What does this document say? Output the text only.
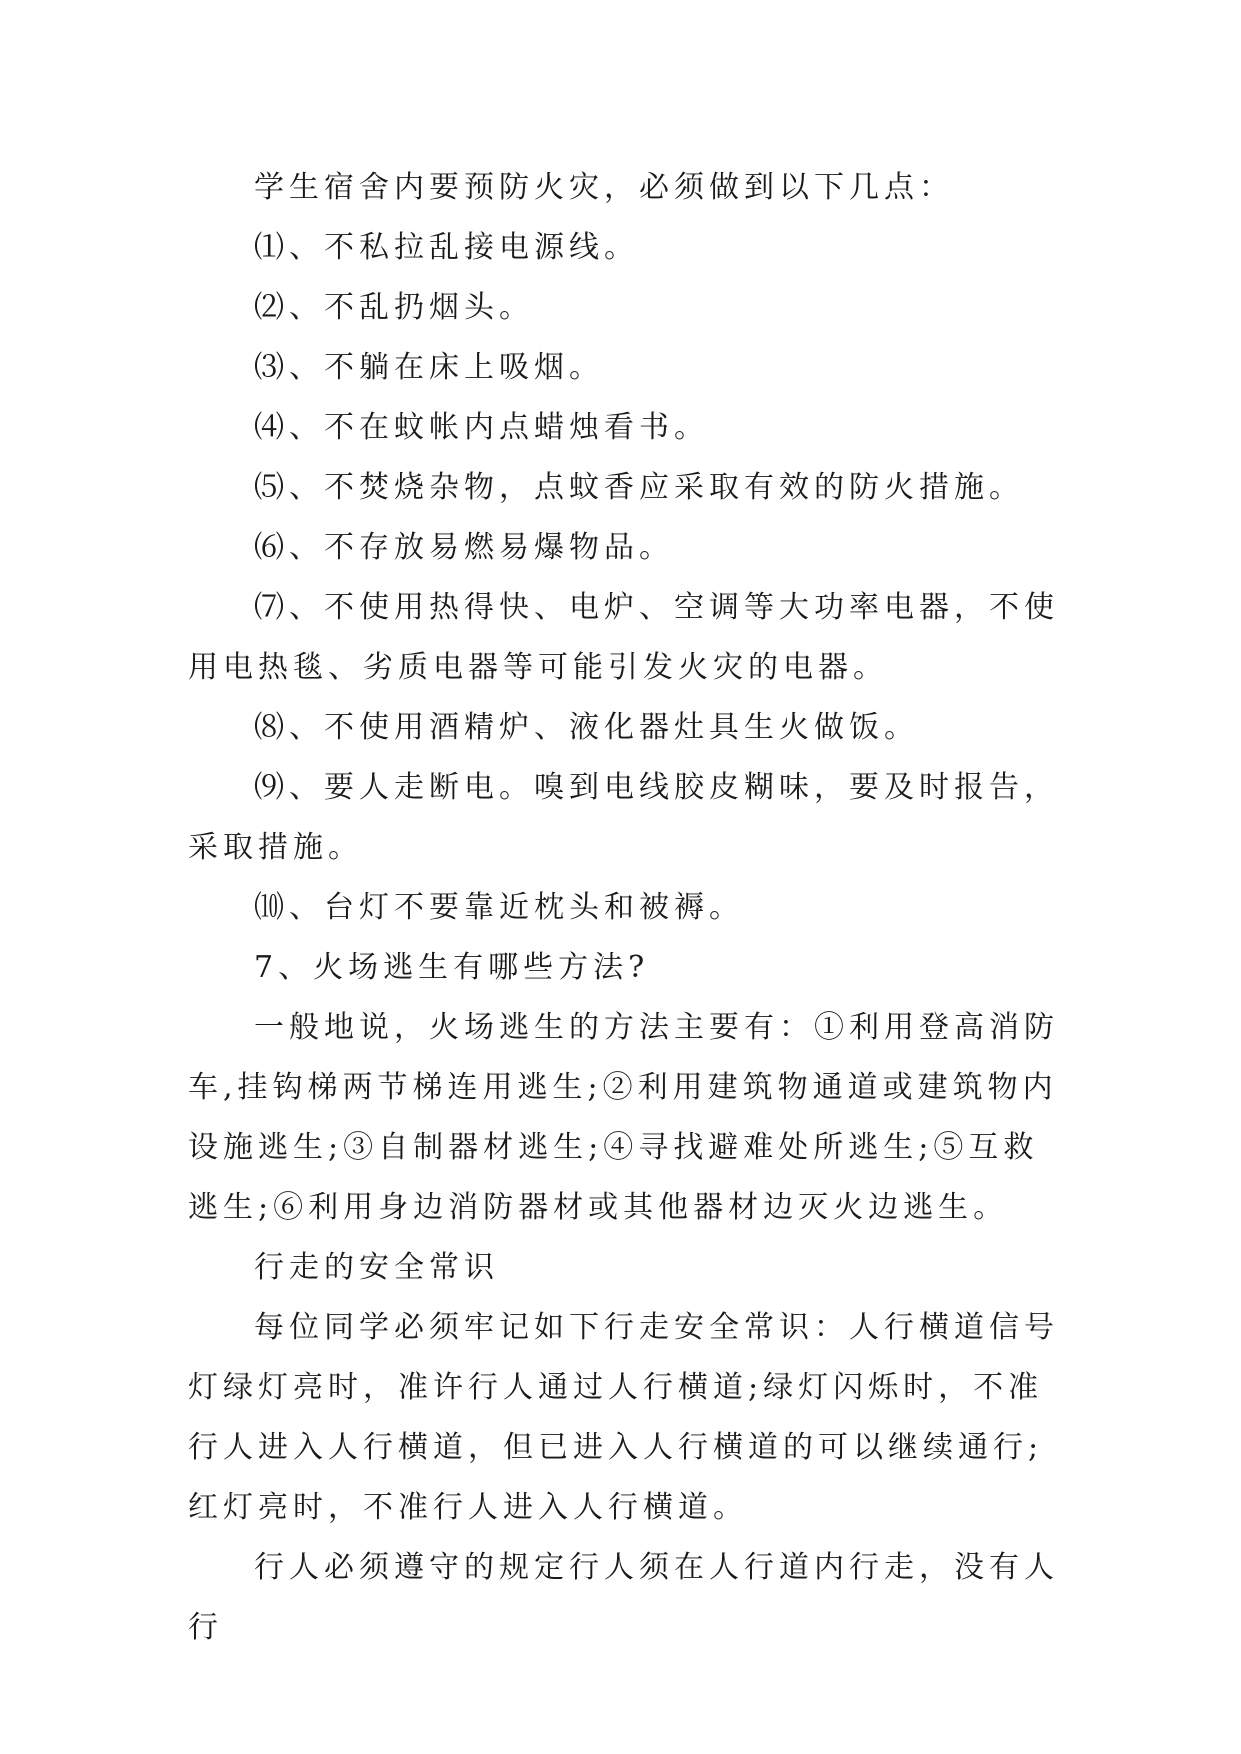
学生宿舍内要预防火灾，必须做到以下几点：

⑴、不私拉乱接电源线。

⑵、不乱扔烟头。

⑶、不躺在床上吸烟。

⑷、不在蚊帐内点蜡烛看书。

⑸、不焚烧杂物，点蚊香应采取有效的防火措施。

⑹、不存放易燃易爆物品。

⑺、不使用热得快、电炉、空调等大功率电器，不使用电热毯、劣质电器等可能引发火灾的电器。

⑻、不使用酒精炉、液化器灶具生火做饭。

⑼、要人走断电。嗅到电线胶皮糊味，要及时报告，采取措施。

⑽、台灯不要靠近枕头和被褥。

7、火场逃生有哪些方法?

一般地说，火场逃生的方法主要有：①利用登高消防车,挂钩梯两节梯连用逃生;②利用建筑物通道或建筑物内设施逃生;③自制器材逃生;④寻找避难处所逃生;⑤互救逃生;⑥利用身边消防器材或其他器材边灭火边逃生。

行走的安全常识

每位同学必须牢记如下行走安全常识：人行横道信号灯绿灯亮时，准许行人通过人行横道;绿灯闪烁时，不准行人进入人行横道，但已进入人行横道的可以继续通行;红灯亮时，不准行人进入人行横道。

行人必须遵守的规定行人须在人行道内行走，没有人行
